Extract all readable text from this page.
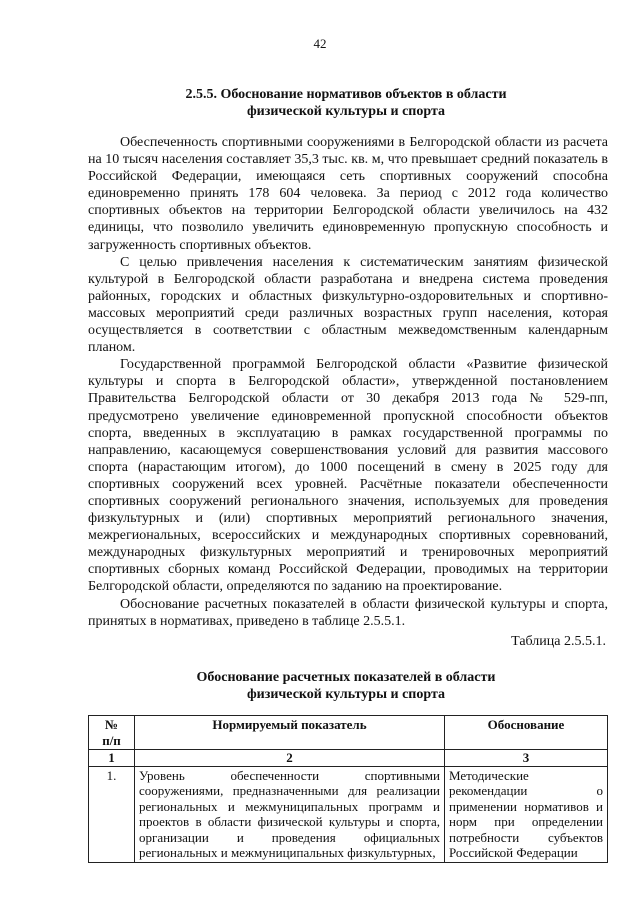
42
2.5.5. Обоснование нормативов объектов в области
физической культуры и спорта

Обеспеченность спортивными сооружениями в Белгородской области из расчета на 10 тысяч населения составляет 35,3 тыс. кв. м, что превышает средний показатель в Российской Федерации, имеющаяся сеть спортивных сооружений способна единовременно принять 178 604 человека. За период с 2012 года количество спортивных объектов на территории Белгородской области увеличилось на 432 единицы, что позволило увеличить единовременную пропускную способность и загруженность спортивных объектов.

С целью привлечения населения к систематическим занятиям физической культурой в Белгородской области разработана и внедрена система проведения районных, городских и областных физкультурно-оздоровительных и спортивно-массовых мероприятий среди различных возрастных групп населения, которая осуществляется в соответствии с областным межведомственным календарным планом.

Государственной программой Белгородской области «Развитие физической культуры и спорта в Белгородской области», утвержденной постановлением Правительства Белгородской области от 30 декабря 2013 года № 529-пп, предусмотрено увеличение единовременной пропускной способности объектов спорта, введенных в эксплуатацию в рамках государственной программы по направлению, касающемуся совершенствования условий для развития массового спорта (нарастающим итогом), до 1000 посещений в смену в 2025 году для спортивных сооружений всех уровней. Расчётные показатели обеспеченности спортивных сооружений регионального значения, используемых для проведения физкультурных и (или) спортивных мероприятий регионального значения, межрегиональных, всероссийских и международных спортивных соревнований, международных физкультурных мероприятий и тренировочных мероприятий спортивных сборных команд Российской Федерации, проводимых на территории Белгородской области, определяются по заданию на проектирование.

Обоснование расчетных показателей в области физической культуры и спорта, принятых в нормативах, приведено в таблице 2.5.5.1.

Таблица 2.5.5.1.
Обоснование расчетных показателей в области
физической культуры и спорта
№
п/п	Нормируемый показатель	Обоснование
1	2	3
1.	Уровень обеспеченности спортивными сооружениями, предназначенными для реализации региональных и межмуниципальных программ и проектов в области физической культуры и спорта, организации и проведения официальных региональных и межмуниципальных физкультурных,	Методические рекомендации о применении нормативов и норм при определении потребности субъектов Российской Федерации
